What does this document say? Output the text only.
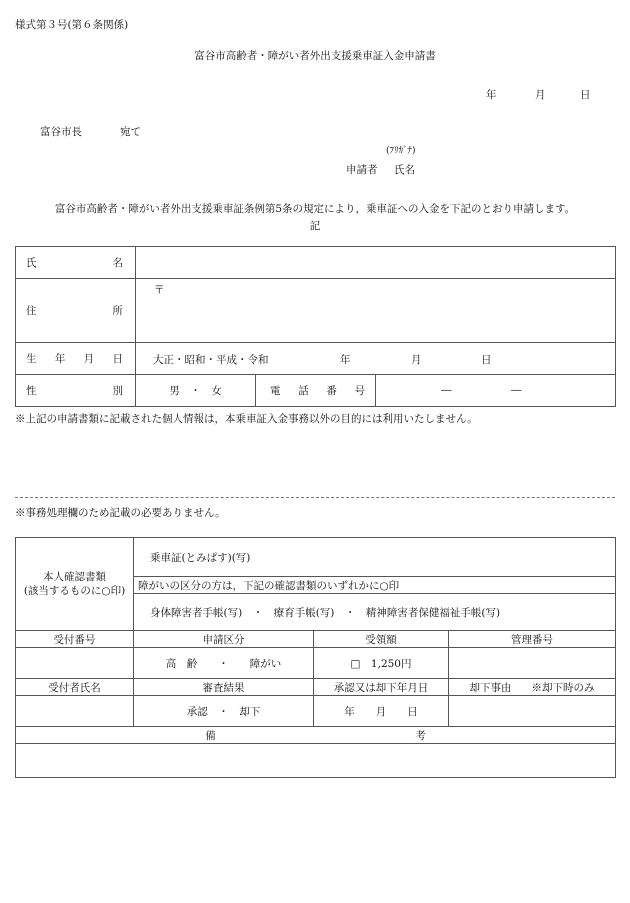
様式第３号(第６条関係)
富谷市高齢者・障がい者外出支援乗車証入金申請書
年	月	日
富谷市長	宛て
(ﾌﾘｶﾞﾅ)
申請者 氏名
富谷市高齢者・障がい者外出支援乗車証条例第5条の規定により，乗車証への入金を下記のとおり申請します。
記
氏 名			

住 所	〒		

生 年 月 日	大正・昭和・平成・令和 年 月 日		

性 別	男　・　女	電 話 番 号	― ―
※上記の申請書類に記載された個人情報は，本乗車証入金事務以外の目的には利用いたしません。
※事務処理欄のため記載の必要ありません。
本人確認書類
(該当するものに○印)	乗車証(とみぱす)(写)		
	障がいの区分の方は，下記の確認書類のいずれかに○印		
	身体障害者手帳(写)　・　療育手帳(写)　・　精神障害者保健福祉手帳(写)		
受付番号	申請区分	受領額	管理番号
	高　齢　　・　　障がい	□　1,250円	
受付者氏名	審査結果	承認又は却下年月日	却下事由 ※却下時のみ
	承認　・　却下	年　　月　　日	
備　　　　　　　　　　　　　　　　　　　考			
